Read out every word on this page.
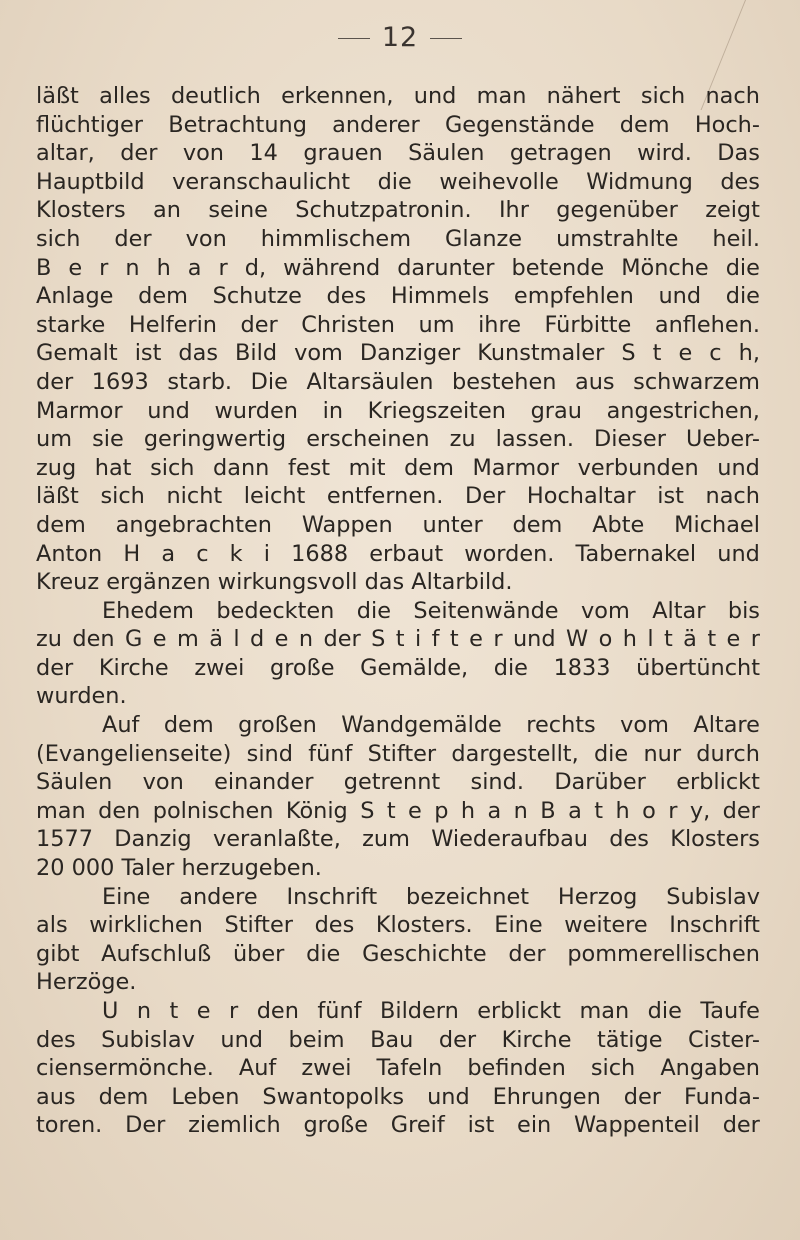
12
läßt alles deutlich erkennen, und man nähert sich nach
flüchtiger Betrachtung anderer Gegenstände dem Hoch-
altar, der von 14 grauen Säulen getragen wird. Das
Hauptbild veranschaulicht die weihevolle Widmung des
Klosters an seine Schutzpatronin. Ihr gegenüber zeigt
sich der von himmlischem Glanze umstrahlte heil.
B e r n h a r d, während darunter betende Mönche die
Anlage dem Schutze des Himmels empfehlen und die
starke Helferin der Christen um ihre Fürbitte anflehen.
Gemalt ist das Bild vom Danziger Kunstmaler S t e c h,
der 1693 starb. Die Altarsäulen bestehen aus schwarzem
Marmor und wurden in Kriegszeiten grau angestrichen,
um sie geringwertig erscheinen zu lassen. Dieser Ueber-
zug hat sich dann fest mit dem Marmor verbunden und
läßt sich nicht leicht entfernen. Der Hochaltar ist nach
dem angebrachten Wappen unter dem Abte Michael
Anton H a c k i 1688 erbaut worden. Tabernakel und
Kreuz ergänzen wirkungsvoll das Altarbild.
Ehedem bedeckten die Seitenwände vom Altar bis
zu den G e m ä l d e n der S t i f t e r und W o h l t ä t e r
der Kirche zwei große Gemälde, die 1833 übertüncht
wurden.
Auf dem großen Wandgemälde rechts vom Altare
(Evangelienseite) sind fünf Stifter dargestellt, die nur durch
Säulen von einander getrennt sind. Darüber erblickt
man den polnischen König S t e p h a n B a t h o r y, der
1577 Danzig veranlaßte, zum Wiederaufbau des Klosters
20 000 Taler herzugeben.
Eine andere Inschrift bezeichnet Herzog Subislav
als wirklichen Stifter des Klosters. Eine weitere Inschrift
gibt Aufschluß über die Geschichte der pommerellischen
Herzöge.
U n t e r den fünf Bildern erblickt man die Taufe
des Subislav und beim Bau der Kirche tätige Cister-
ciensermönche. Auf zwei Tafeln befinden sich Angaben
aus dem Leben Swantopolks und Ehrungen der Funda-
toren. Der ziemlich große Greif ist ein Wappenteil der
